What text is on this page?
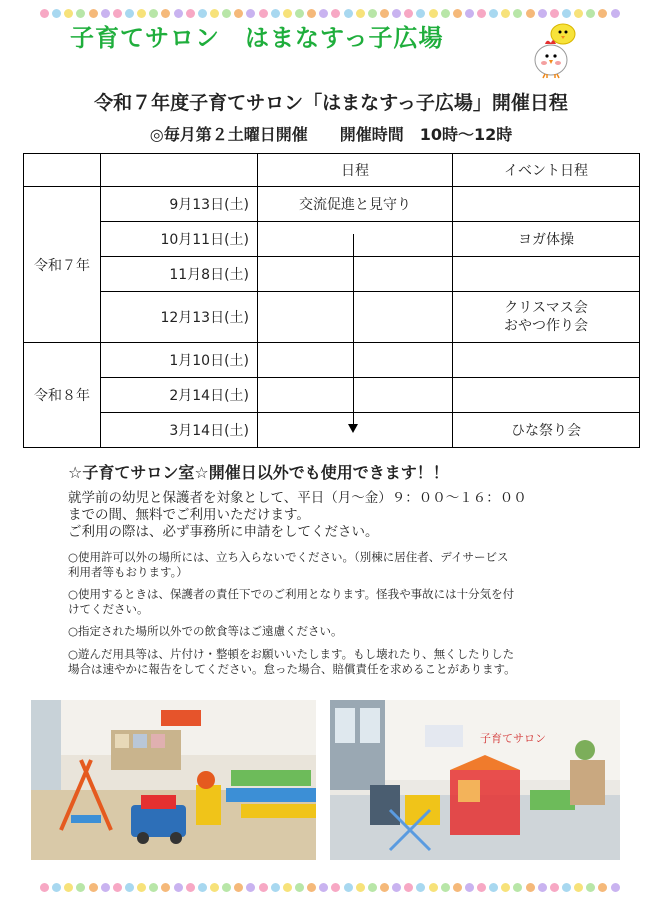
子育てサロン　はまなすっ子広場
令和７年度子育てサロン「はまなすっ子広場」開催日程
◎毎月第２土曜日開催　　開催時間　10時～12時
		日程	イベント日程
令和７年	9月13日(土)	交流促進と見守り	
	10月11日(土)		ヨガ体操
	11月8日(土)		
	12月13日(土)		クリスマス会
おやつ作り会

令和８年	1月10日(土)		
	2月14日(土)		
	3月14日(土)		ひな祭り会
☆子育てサロン室☆開催日以外でも使用できます！！
就学前の幼児と保護者を対象として、平日（月～金）９：００～１６：００
までの間、無料でご利用いただけます。
ご利用の際は、必ず事務所に申請をしてください。
○使用許可以外の場所には、立ち入らないでください。（別棟に居住者、デイサービス
利用者等もおります。）
○使用するときは、保護者の責任下でのご利用となります。怪我や事故には十分気を付
けてください。
○指定された場所以外での飲食等はご遠慮ください。
○遊んだ用具等は、片付け・整頓をお願いいたします。もし壊れたり、無くしたりした
場合は速やかに報告をしてください。怠った場合、賠償責任を求めることがあります。
子育てサロン
